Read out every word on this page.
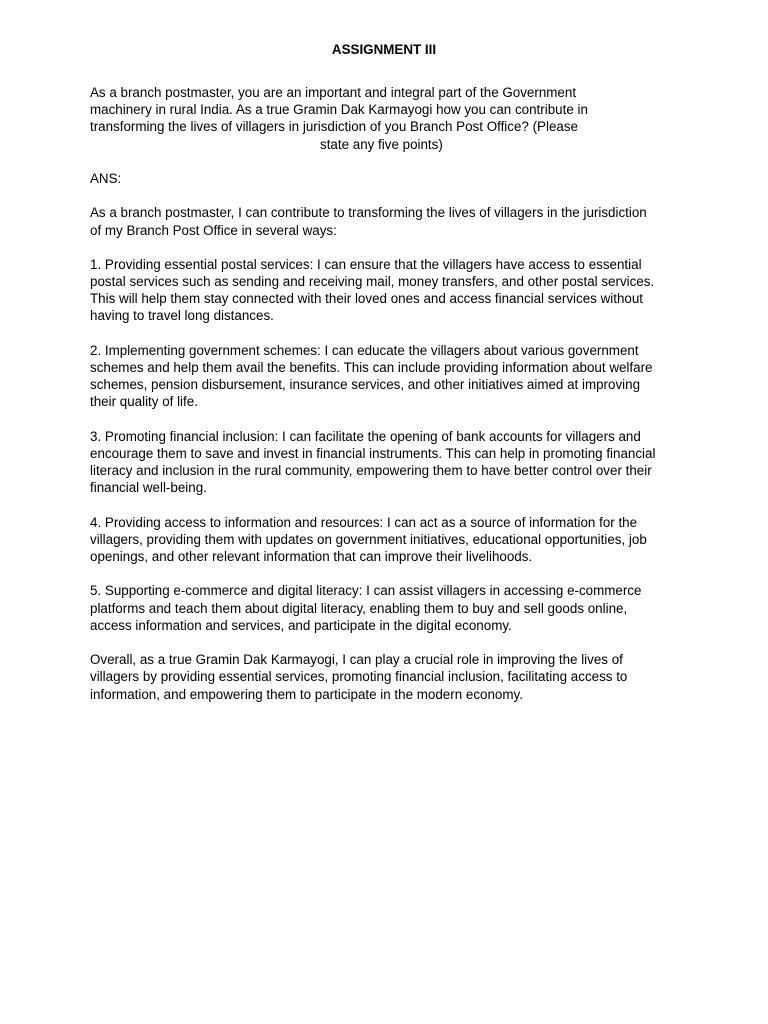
ASSIGNMENT III
As a branch postmaster, you are an important and integral part of the Government
machinery in rural India. As a true Gramin Dak Karmayogi how you can contribute in
transforming the lives of villagers in jurisdiction of you Branch Post Office? (Please
state any five points)
ANS:
As a branch postmaster, I can contribute to transforming the lives of villagers in the jurisdiction
of my Branch Post Office in several ways:
1. Providing essential postal services: I can ensure that the villagers have access to essential
postal services such as sending and receiving mail, money transfers, and other postal services.
This will help them stay connected with their loved ones and access financial services without
having to travel long distances.
2. Implementing government schemes: I can educate the villagers about various government
schemes and help them avail the benefits. This can include providing information about welfare
schemes, pension disbursement, insurance services, and other initiatives aimed at improving
their quality of life.
3. Promoting financial inclusion: I can facilitate the opening of bank accounts for villagers and
encourage them to save and invest in financial instruments. This can help in promoting financial
literacy and inclusion in the rural community, empowering them to have better control over their
financial well-being.
4. Providing access to information and resources: I can act as a source of information for the
villagers, providing them with updates on government initiatives, educational opportunities, job
openings, and other relevant information that can improve their livelihoods.
5. Supporting e-commerce and digital literacy: I can assist villagers in accessing e-commerce
platforms and teach them about digital literacy, enabling them to buy and sell goods online,
access information and services, and participate in the digital economy.
Overall, as a true Gramin Dak Karmayogi, I can play a crucial role in improving the lives of
villagers by providing essential services, promoting financial inclusion, facilitating access to
information, and empowering them to participate in the modern economy.
